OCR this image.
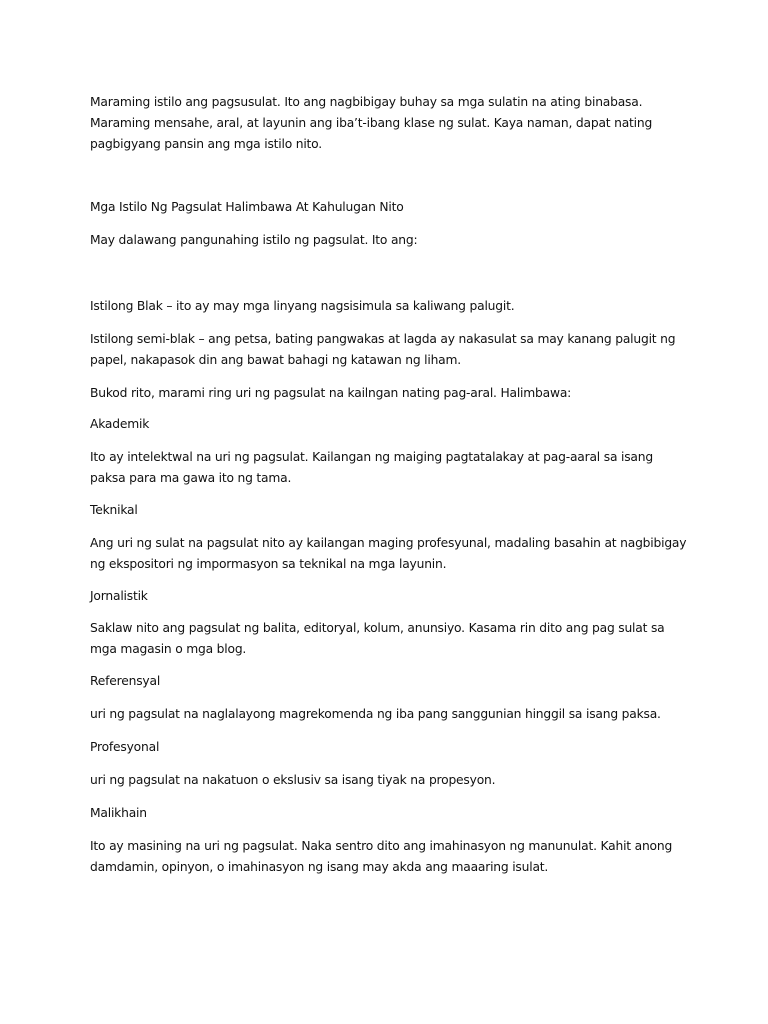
Maraming istilo ang pagsusulat. Ito ang nagbibigay buhay sa mga sulatin na ating binabasa. Maraming mensahe, aral, at layunin ang iba’t-ibang klase ng sulat. Kaya naman, dapat nating pagbigyang pansin ang mga istilo nito.

Mga Istilo Ng Pagsulat Halimbawa At Kahulugan Nito

May dalawang pangunahing istilo ng pagsulat. Ito ang:

Istilong Blak – ito ay may mga linyang nagsisimula sa kaliwang palugit.

Istilong semi-blak – ang petsa, bating pangwakas at lagda ay nakasulat sa may kanang palugit ng papel, nakapasok din ang bawat bahagi ng katawan ng liham.

Bukod rito, marami ring uri ng pagsulat na kailngan nating pag-aral. Halimbawa:

Akademik

Ito ay intelektwal na uri ng pagsulat. Kailangan ng maiging pagtatalakay at pag-aaral sa isang paksa para ma gawa ito ng tama.

Teknikal

Ang uri ng sulat na pagsulat nito ay kailangan maging profesyunal, madaling basahin at nagbibigay ng ekspositori ng impormasyon sa teknikal na mga layunin.

Jornalistik

Saklaw nito ang pagsulat ng balita, editoryal, kolum, anunsiyo. Kasama rin dito ang pag sulat sa mga magasin o mga blog.

Referensyal

uri ng pagsulat na naglalayong magrekomenda ng iba pang sanggunian hinggil sa isang paksa.

Profesyonal

uri ng pagsulat na nakatuon o ekslusiv sa isang tiyak na propesyon.

Malikhain

Ito ay masining na uri ng pagsulat. Naka sentro dito ang imahinasyon ng manunulat. Kahit anong damdamin, opinyon, o imahinasyon ng isang may akda ang maaaring isulat.
